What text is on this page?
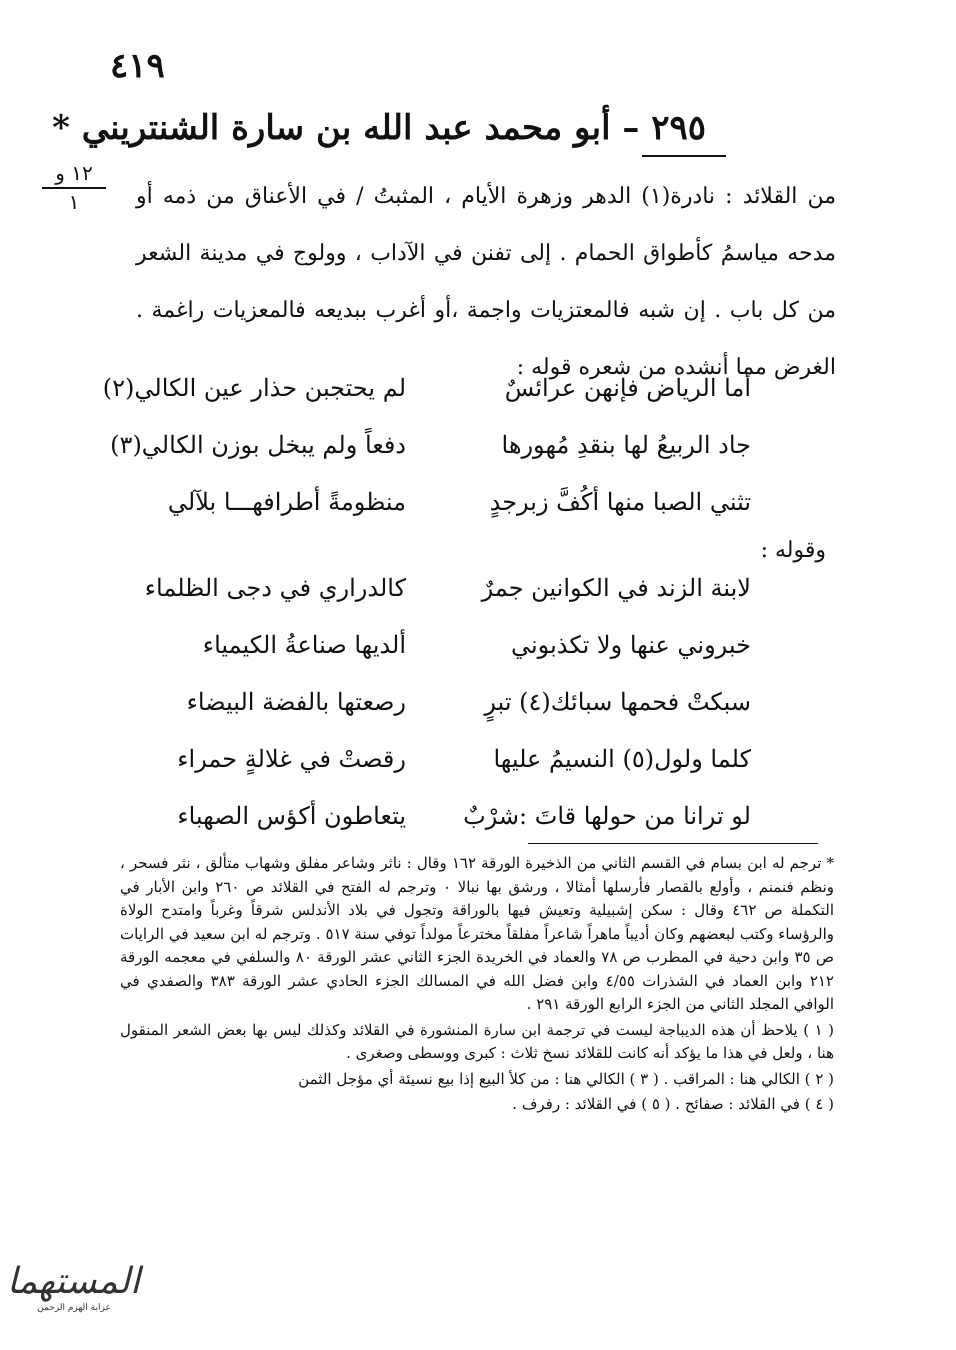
٤١٩
٢٩٥ – أبو محمد عبد الله بن سارة الشنتريني *
١٢ و
١	من القلائد : نادرة(١) الدهر وزهرة الأيام ، المثبتُ / في الأعناق من ذمه أو مدحه مياسمُ كأطواق الحمام . إلى تفنن في الآداب ، وولوج في مدينة الشعر من كل باب . إن شبه فالمعتزيات واجمة ،أو أغرب ببديعه فالمعزيات راغمة . الغرض مما أنشده من شعره قوله :

أما الرياض فإنهن عرائسٌ
لم يحتجبن حذار عين الكالي(٢)
جاد الربيعُ لها بنقدِ مُهورها
دفعاً ولم يبخل بوزن الكالي(٣)
تثني الصبا منها أكُفَّ زبرجدٍ
منظومةً أطرافهـــا بلآلي
وقوله :
لابنة الزند في الكوانين جمرٌ
كالدراري في دجى الظلماء
خبروني عنها ولا تكذبوني
ألديها صناعةُ الكيمياء
سبكتْ فحمها سبائك(٤) تبرٍ
رصعتها بالفضة البيضاء
كلما ولول(٥) النسيمُ عليها
رقصتْ في غلالةٍ حمراء
لو ترانا من حولها قاتَ :شرْبٌ
يتعاطون أكؤس الصهباء

* ترجم له ابن بسام في القسم الثاني من الذخيرة الورقة ١٦٢ وقال : ناثر وشاعر مفلق وشهاب متألق ، نثر فسحر ، ونظم فنمنم ، وأولع بالقصار فأرسلها أمثالا ، ورشق بها نبالا ٠ وترجم له الفتح في القلائد ص ٢٦٠ وابن الأبار في التكملة ص ٤٦٢ وقال : سكن إشبيلية وتعيش فيها بالوراقة وتجول في بلاد الأندلس شرقاً وغرباً وامتدح الولاة والرؤساء وكتب لبعضهم وكان أديباً ماهراً شاعراً مفلقاً مخترعاً مولداً توفي سنة ٥١٧ . وترجم له ابن سعيد في الرايات ص ٣٥ وابن دحية في المطرب ص ٧٨ والعماد في الخريدة الجزء الثاني عشر الورقة ٨٠ والسلفي في معجمه الورقة ٢١٢ وابن العماد في الشذرات ٤/٥٥ وابن فضل الله في المسالك الجزء الحادي عشر الورقة ٣٨٣ والصفدي في الوافي المجلد الثاني من الجزء الرابع الورقة ٢٩١ .

( ١ ) يلاحظ أن هذه الديباجة ليست في ترجمة ابن سارة المنشورة في القلائد وكذلك ليس بها بعض الشعر المنقول هنا ، ولعل في هذا ما يؤكد أنه كانت للقلائد نسخ ثلاث : كبرى ووسطى وصغرى .

( ٢ ) الكالي هنا : المراقب . ( ٣ ) الكالي هنا : من كلأ البيع إذا بيع نسيئة أي مؤجل الثمن

( ٤ ) في القلائد : صفائح . ( ٥ ) في القلائد : رفرف .

المستهما
عزابة الهزم الرحمن
